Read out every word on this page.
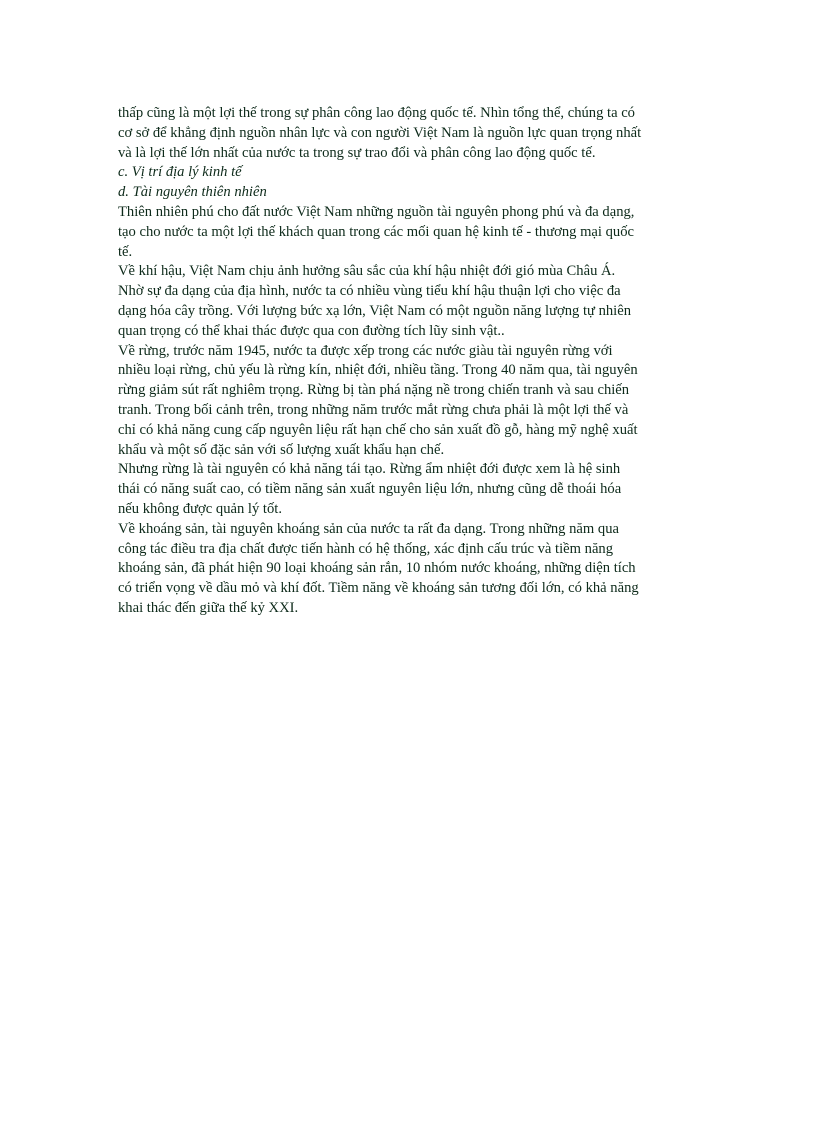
thấp cũng là một lợi thế trong sự phân công lao động quốc tế. Nhìn tổng thể, chúng ta có
cơ sở để khẳng định nguồn nhân lực và con người Việt Nam là nguồn lực quan trọng nhất
và là lợi thế lớn nhất của nước ta trong sự trao đổi và phân công lao động quốc tế.
c. Vị trí địa lý kinh tế
d. Tài nguyên thiên nhiên
Thiên nhiên phú cho đất nước Việt Nam những nguồn tài nguyên phong phú và đa dạng,
tạo cho nước ta một lợi thế khách quan trong các mối quan hệ kinh tế - thương mại quốc
tế.
Về khí hậu, Việt Nam chịu ảnh hưởng sâu sắc của khí hậu nhiệt đới gió mùa Châu Á.
Nhờ sự đa dạng của địa hình, nước ta có nhiều vùng tiểu khí hậu thuận lợi cho việc đa
dạng hóa cây trồng. Với lượng bức xạ lớn, Việt Nam có một nguồn năng lượng tự nhiên
quan trọng có thể khai thác được qua con đường tích lũy sinh vật..
Về rừng, trước năm 1945, nước ta được xếp trong các nước giàu tài nguyên rừng với
nhiều loại rừng, chủ yếu là rừng kín, nhiệt đới, nhiều tầng. Trong 40 năm qua, tài nguyên
rừng giảm sút rất nghiêm trọng. Rừng bị tàn phá nặng nề trong chiến tranh và sau chiến
tranh. Trong bối cảnh trên, trong những năm trước mắt rừng chưa phải là một lợi thế và
chỉ có khả năng cung cấp nguyên liệu rất hạn chế cho sản xuất đồ gỗ, hàng mỹ nghệ xuất
khẩu và một số đặc sản với số lượng xuất khẩu hạn chế.
Nhưng rừng là tài nguyên có khả năng tái tạo. Rừng ẩm nhiệt đới được xem là hệ sinh
thái có năng suất cao, có tiềm năng sản xuất nguyên liệu lớn, nhưng cũng dễ thoái hóa
nếu không được quản lý tốt.
Về khoáng sản, tài nguyên khoáng sản của nước ta rất đa dạng. Trong những năm qua
công tác điều tra địa chất được tiến hành có hệ thống, xác định cấu trúc và tiềm năng
khoáng sản, đã phát hiện 90 loại khoáng sản rắn, 10 nhóm nước khoáng, những diện tích
có triển vọng về dầu mỏ và khí đốt. Tiềm năng về khoáng sản tương đối lớn, có khả năng
khai thác đến giữa thế kỷ XXI.
